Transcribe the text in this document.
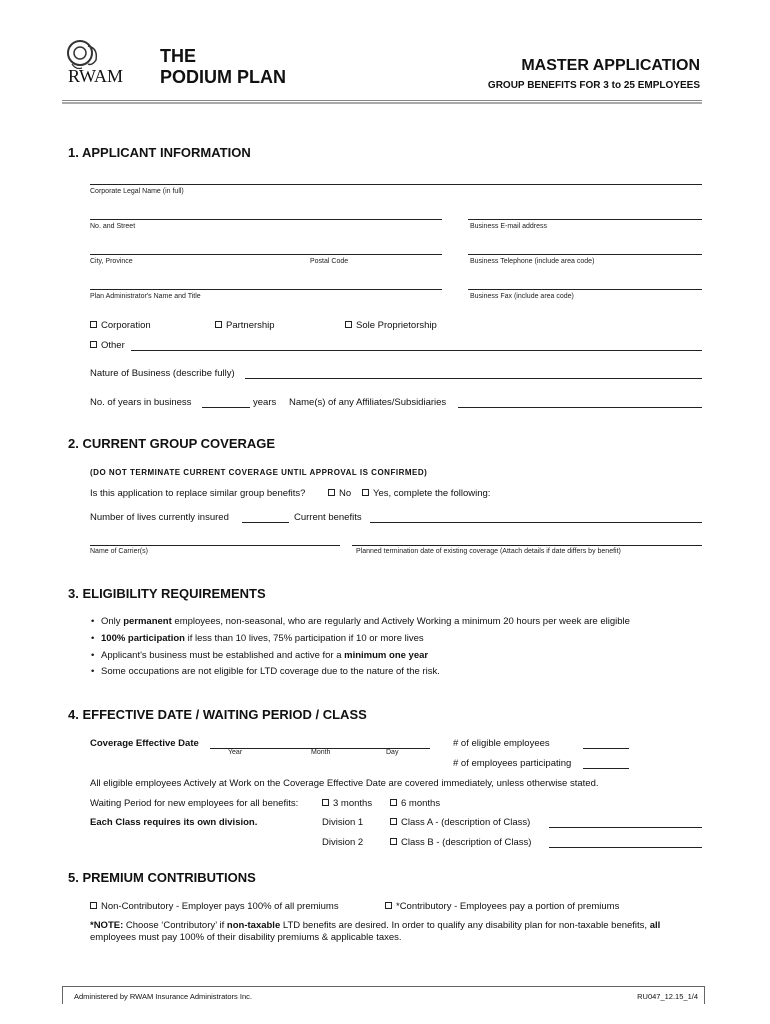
RWAM
THE
PODIUM PLAN
MASTER APPLICATION
GROUP BENEFITS FOR 3 to 25 EMPLOYEES
1. APPLICANT INFORMATION
Corporate Legal Name (in full)
No. and Street	Business E-mail address
City, Province	Postal Code	Business Telephone (include area code)
Plan Administrator's Name and Title	Business Fax (include area code)
Corporation	Partnership	Sole Proprietorship
Other
Nature of Business (describe fully)
No. of years in business	years Name(s) of any Affiliates/Subsidiaries
2. CURRENT GROUP COVERAGE
(DO NOT TERMINATE CURRENT COVERAGE UNTIL APPROVAL IS CONFIRMED)
Is this application to replace similar group benefits?	No	Yes, complete the following:
Number of lives currently insured	Current benefits
Name of Carrier(s)	Planned termination date of existing coverage (Attach details if date differs by benefit)
3. ELIGIBILITY REQUIREMENTS
• Only permanent employees, non-seasonal, who are regularly and Actively Working a minimum 20 hours per week are eligible
• 100% participation if less than 10 lives, 75% participation if 10 or more lives
• Applicant's business must be established and active for a minimum one year
• Some occupations are not eligible for LTD coverage due to the nature of the risk.
4. EFFECTIVE DATE / WAITING PERIOD / CLASS
Coverage Effective Date
Year	Month	Day
# of eligible employees
# of employees participating
All eligible employees Actively at Work on the Coverage Effective Date are covered immediately, unless otherwise stated.
Waiting Period for new employees for all benefits:	3 months	6 months
Each Class requires its own division.	Division 1	Class A - (description of Class)
Division 2	Class B - (description of Class)
5. PREMIUM CONTRIBUTIONS
Non-Contributory - Employer pays 100% of all premiums	*Contributory - Employees pay a portion of premiums
*NOTE: Choose ‘Contributory’ if non-taxable LTD benefits are desired. In order to qualify any disability plan for non-taxable benefits, all
employees must pay 100% of their disability premiums & applicable taxes.
Administered by RWAM Insurance Administrators Inc.	RU047_12.15_1/4
